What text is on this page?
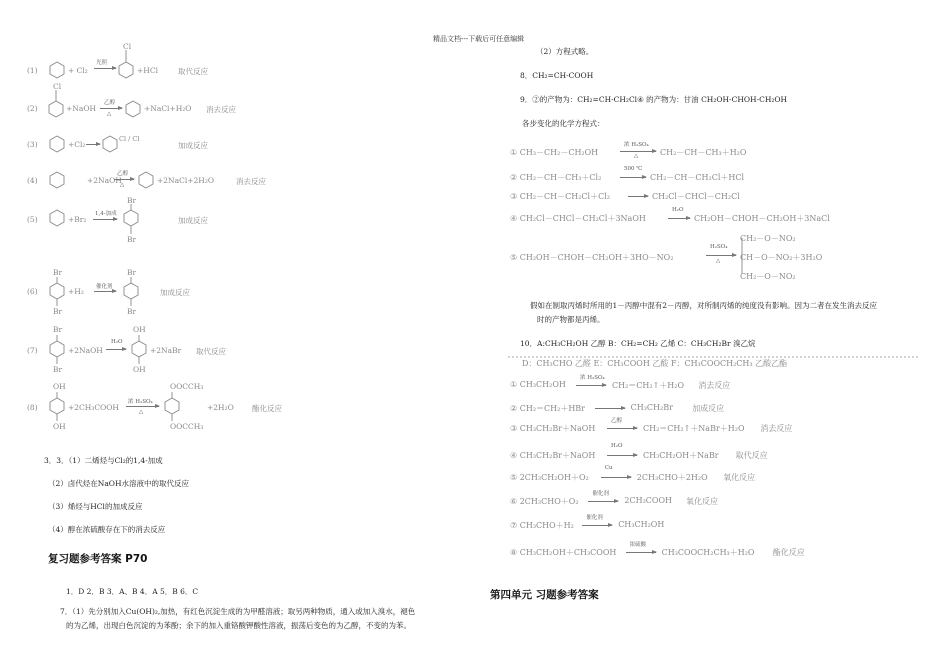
精品文档---下载后可任意编辑
(1)	+ Cl₂
光照
Cl
+HCl	取代反应
(2)
Cl
+NaOH
乙醇
△
+NaCl+H₂O 消去反应
(3)	+Cl₂ →
Cl / Cl
加成反应
(4)	+2NaOH
乙醇
△	+2NaCl+2H₂O	消去反应
(5)	+Br₂
1,4-加成
Br
Br
加成反应
(6)
Br
Br
+H₂ 催化剂
Br
Br
加成反应
(7)
Br
Br
+2NaOH
H₂O
OH
OH
+2NaBr 取代反应
(8)
OH
OH
+2CH₃COOH
浓 H₂SO₄
△
OOCCH₃
OOCCH₃
+2H₂O 酯化反应
3．3．（1）二烯烃与Cl₂的1,4-加成
（2）卤代烃在NaOH水溶液中的取代反应
（3）烯烃与HCl的加成反应
（4）醇在浓硫酸存在下的消去反应
复习题参考答案 P70
1．D 2．B 3．A、B 4．A 5．B 6．C
7．（1）先分别加入Cu(OH)₂,加热，有红色沉淀生成的为甲醛溶液；取另两种物质，通入或加入溴水，褪色
的为乙烯，出现白色沉淀的为苯酚；余下的加入重铬酸钾酸性溶液，振荡后变色的为乙醇，不变的为苯。
（2）方程式略。
8．CH₂=CH-COOH
9．②的产物为：CH₂=CH-CH₂Cl④ 的产物为：甘油 CH₂OH-CHOH-CH₂OH
各步变化的化学方程式：
① CH₃－CH₂－CH₂OH
浓 H₂SO₄
△	CH₂－CH－CH₃＋H₂O
② CH₂－CH－CH₃＋Cl₂
500 ℃
→ CH₂－CH－CH₂Cl＋HCl
③ CH₂－CH－CH₂Cl＋Cl₂ → CH₂Cl－CHCl－CH₂Cl
④ CH₂Cl－CHCl－CH₂Cl＋3NaOH
H₂O
→ CH₂OH－CHOH－CH₂OH＋3NaCl
⑤ CH₂OH－CHOH－CH₂OH＋3HO－NO₂
H₂SO₄
△
CH₂－O－NO₂
CH－O－NO₂＋3H₂O
CH₂－O－NO₂
假如在制取丙烯时所用的1－丙醇中混有2－丙醇，对所制丙烯的纯度没有影响。因为二者在发生消去反应
时的产物都是丙烯。
10．A:CH₃CH₂OH 乙醇 B：CH₂=CH₂ 乙烯 C：CH₃CH₂Br 溴乙烷
D：CH₃CHO 乙醛 E：CH₃COOH 乙酸 F：CH₃COOCH₂CH₃ 乙酸乙酯
① CH₃CH₂OH
浓 H₂SO₄
→ CH₂＝CH₂↑＋H₂O 消去反应
② CH₂＝CH₂＋HBr → CH₃CH₂Br 加成反应
③ CH₃CH₂Br＋NaOH
乙醇
→ CH₂＝CH₂↑＋NaBr＋H₂O 消去反应
④ CH₃CH₂Br＋NaOH
H₂O
→ CH₃CH₂OH＋NaBr 取代反应
⑤ 2CH₃CH₂OH＋O₂
Cu
→ 2CH₃CHO＋2H₂O 氧化反应
⑥ 2CH₃CHO＋O₂
催化剂
→ 2CH₃COOH 氧化反应
⑦ CH₃CHO＋H₂
催化剂
→ CH₃CH₂OH
⑧ CH₃CH₂OH＋CH₃COOH
浓硫酸
→ CH₃COOCH₂CH₃＋H₂O 酯化反应
第四单元 习题参考答案
